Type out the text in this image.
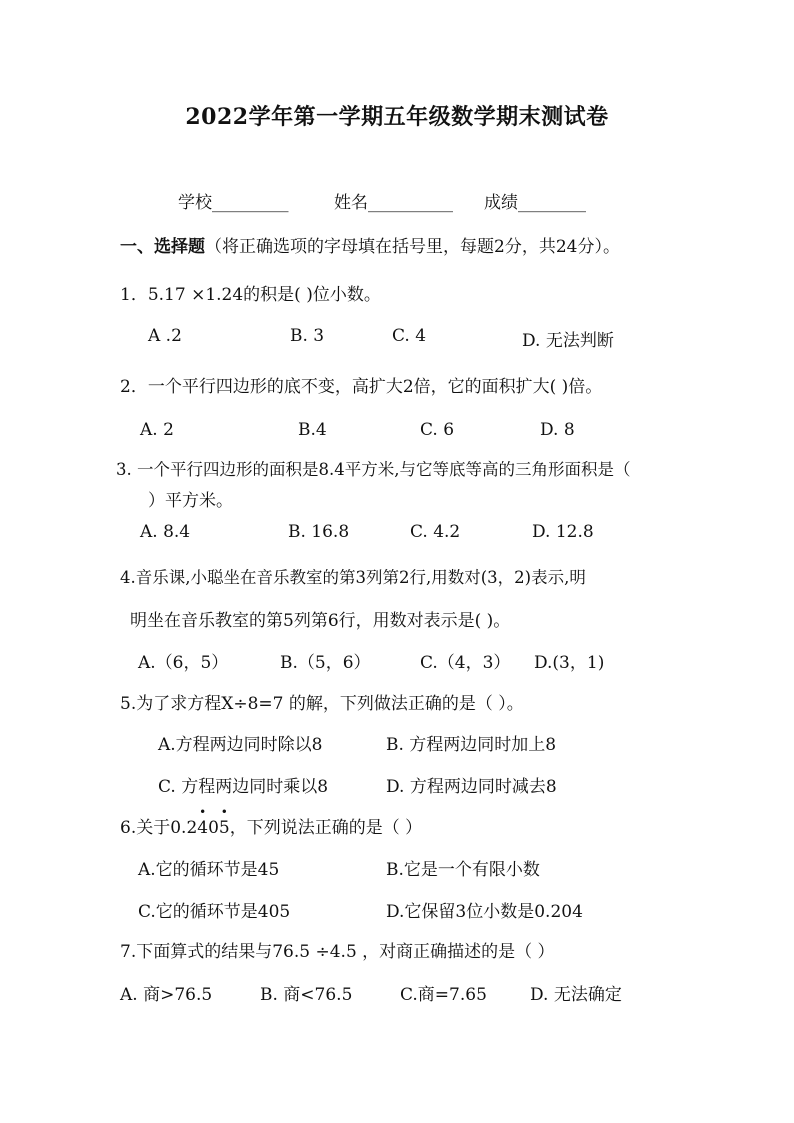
2022学年第一学期五年级数学期末测试卷
学校_________	姓名__________ 成绩________
一、选择题（将正确选项的字母填在括号里，每题2分，共24分）。
1．5.17 ×1.24的积是( )位小数。
A .2	B. 3	C. 4	D. 无法判断
2．一个平行四边形的底不变，高扩大2倍，它的面积扩大( )倍。
A. 2	B.4	C. 6	D. 8
3. 一个平行四边形的面积是8.4平方米,与它等底等高的三角形面积是（
）平方米。
A. 8.4	B. 16.8	C. 4.2	D. 12.8
4.音乐课,小聪坐在音乐教室的第3列第2行,用数对(3，2)表示,明
明坐在音乐教室的第5列第6行，用数对表示是( )。
A.（6，5）	B.（5，6）	C.（4，3） D.(3，1)
5.为了求方程X÷8=7 的解，下列做法正确的是（ ）。
A.方程两边同时除以8	B. 方程两边同时加上8
C. 方程两边同时乘以8	D. 方程两边同时减去8
6.关于0.2• 40• 5，下列说法正确的是（ ）
A.它的循环节是45	B.它是一个有限小数
C.它的循环节是405	D.它保留3位小数是0.204
7.下面算式的结果与76.5 ÷4.5 ，对商正确描述的是（ ）
A. 商>76.5	B. 商<76.5	C.商=7.65	D. 无法确定
